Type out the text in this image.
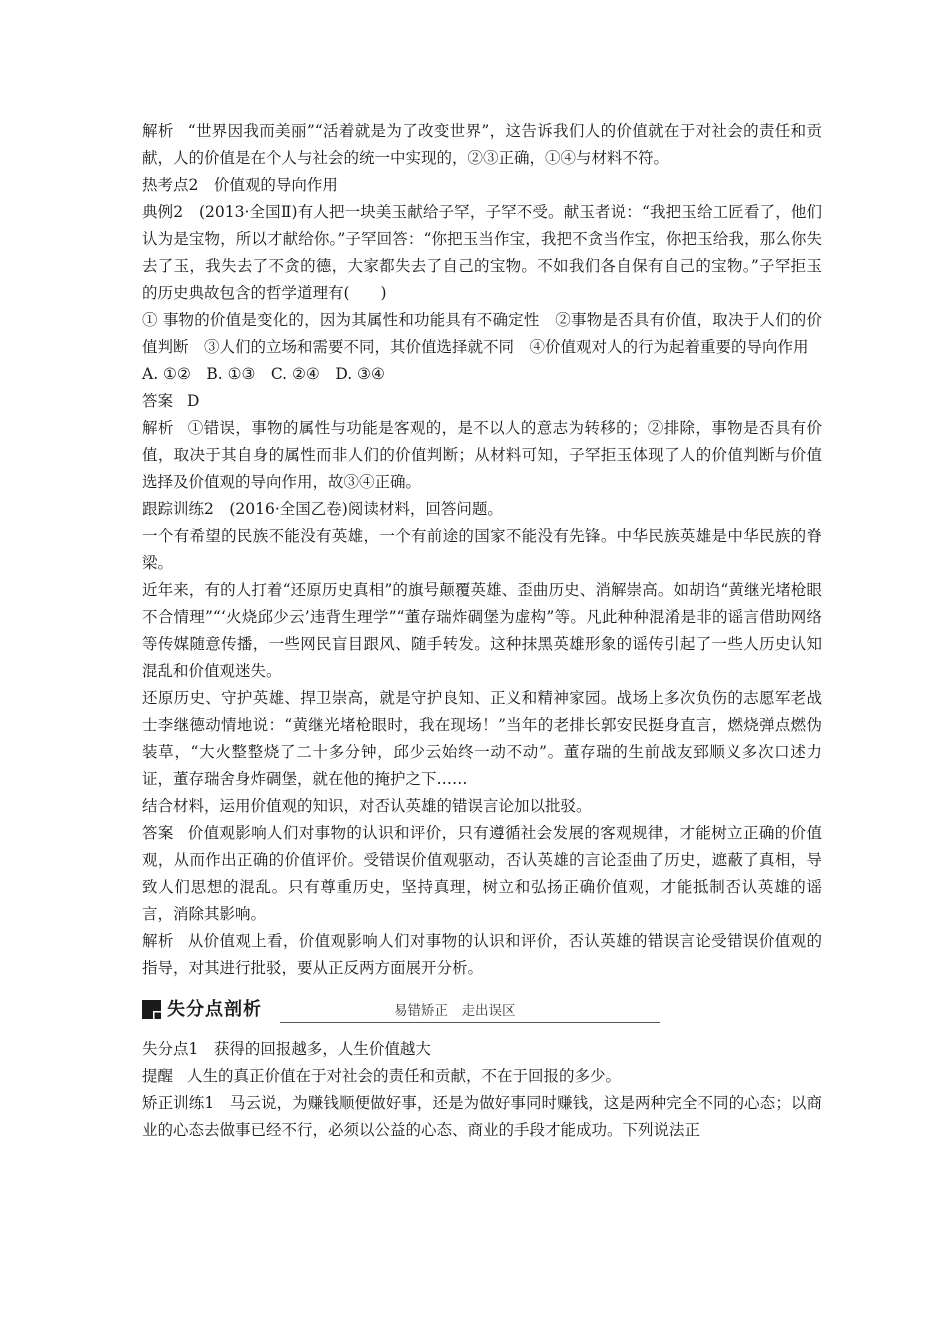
解析 “世界因我而美丽”“活着就是为了改变世界”，这告诉我们人的价值就在于对社会的责任和贡献，人的价值是在个人与社会的统一中实现的，②③正确，①④与材料不符。

热考点2　价值观的导向作用

典例2　(2013·全国Ⅱ)有人把一块美玉献给子罕，子罕不受。献玉者说：“我把玉给工匠看了，他们认为是宝物，所以才献给你。”子罕回答：“你把玉当作宝，我把不贪当作宝，你把玉给我，那么你失去了玉，我失去了不贪的德，大家都失去了自己的宝物。不如我们各自保有自己的宝物。”子罕拒玉的历史典故包含的哲学道理有(　　)

① 事物的价值是变化的，因为其属性和功能具有不确定性　②事物是否具有价值，取决于人们的价值判断　③人们的立场和需要不同，其价值选择就不同　④价值观对人的行为起着重要的导向作用

A. ①②　B. ①③　C. ②④　D. ③④

答案 D

解析 ①错误，事物的属性与功能是客观的，是不以人的意志为转移的；②排除，事物是否具有价值，取决于其自身的属性而非人们的价值判断；从材料可知，子罕拒玉体现了人的价值判断与价值选择及价值观的导向作用，故③④正确。

跟踪训练2　(2016·全国乙卷)阅读材料，回答问题。

一个有希望的民族不能没有英雄，一个有前途的国家不能没有先锋。中华民族英雄是中华民族的脊梁。

近年来，有的人打着“还原历史真相”的旗号颠覆英雄、歪曲历史、消解崇高。如胡诌“黄继光堵枪眼不合情理”“‘火烧邱少云’违背生理学”“董存瑞炸碉堡为虚构”等。凡此种种混淆是非的谣言借助网络等传媒随意传播，一些网民盲目跟风、随手转发。这种抹黑英雄形象的谣传引起了一些人历史认知混乱和价值观迷失。

还原历史、守护英雄、捍卫崇高，就是守护良知、正义和精神家园。战场上多次负伤的志愿军老战士李继德动情地说：“黄继光堵枪眼时，我在现场！”当年的老排长郭安民挺身直言，燃烧弹点燃伪装草，“大火整整烧了二十多分钟，邱少云始终一动不动”。董存瑞的生前战友郅顺义多次口述力证，董存瑞舍身炸碉堡，就在他的掩护之下……

结合材料，运用价值观的知识，对否认英雄的错误言论加以批驳。

答案 价值观影响人们对事物的认识和评价，只有遵循社会发展的客观规律，才能树立正确的价值观，从而作出正确的价值评价。受错误价值观驱动，否认英雄的言论歪曲了历史，遮蔽了真相，导致人们思想的混乱。只有尊重历史，坚持真理，树立和弘扬正确价值观，才能抵制否认英雄的谣言，消除其影响。

解析 从价值观上看，价值观影响人们对事物的认识和评价，否认英雄的错误言论受错误价值观的指导，对其进行批驳，要从正反两方面展开分析。

失分点剖析	易错矫正　走出误区

失分点1　获得的回报越多，人生价值越大

提醒 人生的真正价值在于对社会的责任和贡献，不在于回报的多少。

矫正训练1　马云说，为赚钱顺便做好事，还是为做好事同时赚钱，这是两种完全不同的心态；以商业的心态去做事已经不行，必须以公益的心态、商业的手段才能成功。下列说法正
